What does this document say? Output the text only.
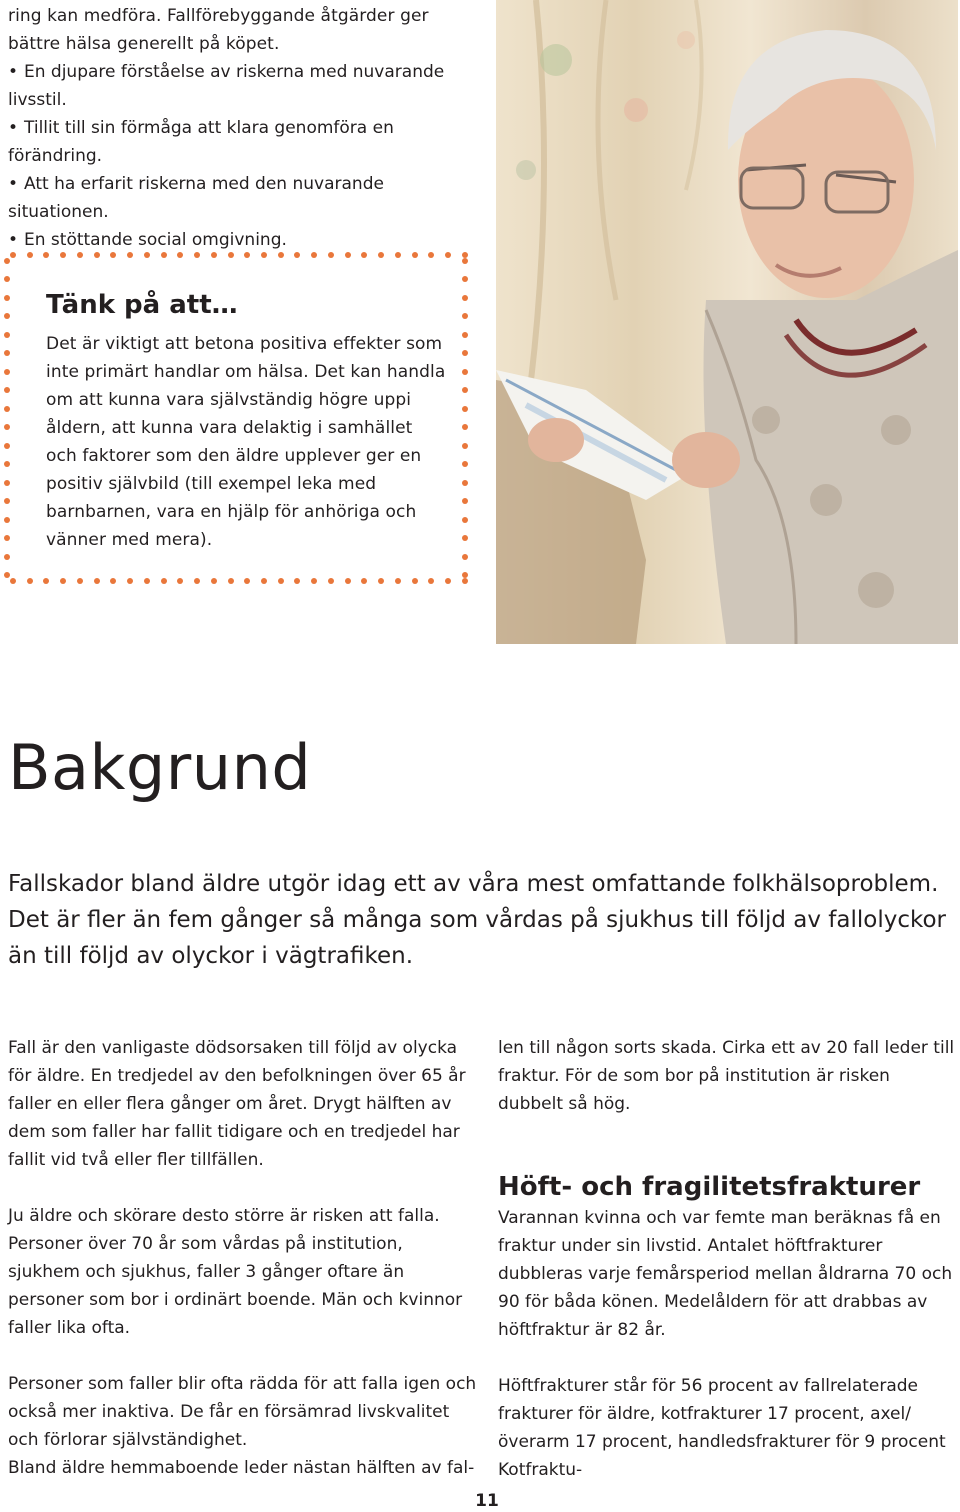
ring kan medföra. Fallförebyggande åtgärder ger bättre hälsa generellt på köpet.

• En djupare förståelse av riskerna med nuvarande livsstil.
• Tillit till sin förmåga att klara genomföra en förändring.
• Att ha erfarit riskerna med den nuvarande situationen.
• En stöttande social omgivning.
Tänk på att…

Det är viktigt att betona positiva effekter som inte primärt handlar om hälsa. Det kan handla om att kunna vara självständig högre uppi åldern, att kunna vara delaktig i samhället och faktorer som den äldre upplever ger en positiv självbild (till exempel leka med barnbarnen, vara en hjälp för anhöriga och vänner med mera).

Bakgrund

Fallskador bland äldre utgör idag ett av våra mest omfattande folkhälsoproblem. Det är fler än fem gånger så många som vårdas på sjukhus till följd av fallolyckor än till följd av olyckor i vägtrafiken.

Fall är den vanligaste dödsorsaken till följd av olycka för äldre. En tredjedel av den befolkningen över 65 år faller en eller flera gånger om året. Drygt hälften av dem som faller har fallit tidigare och en tredjedel har fallit vid två eller fler tillfällen.

Ju äldre och skörare desto större är risken att falla. Personer över 70 år som vårdas på institution, sjukhem och sjukhus, faller 3 gånger oftare än personer som bor i ordinärt boende. Män och kvinnor faller lika ofta.

Personer som faller blir ofta rädda för att falla igen och också mer inaktiva. De får en försämrad livskvalitet och förlorar självständighet.

Bland äldre hemmaboende leder nästan hälften av fal-

len till någon sorts skada. Cirka ett av 20 fall leder till fraktur. För de som bor på institution är risken dubbelt så hög.

Höft- och fragilitetsfrakturer

Varannan kvinna och var femte man beräknas få en fraktur under sin livstid. Antalet höftfrakturer dubbleras varje femårsperiod mellan åldrarna 70 och 90 för båda könen. Medelåldern för att drabbas av höftfraktur är 82 år.

Höftfrakturer står för 56 procent av fallrelaterade frakturer för äldre, kotfrakturer 17 procent, axel/överarm 17 procent, handledsfrakturer för 9 procent Kotfraktu-

11
